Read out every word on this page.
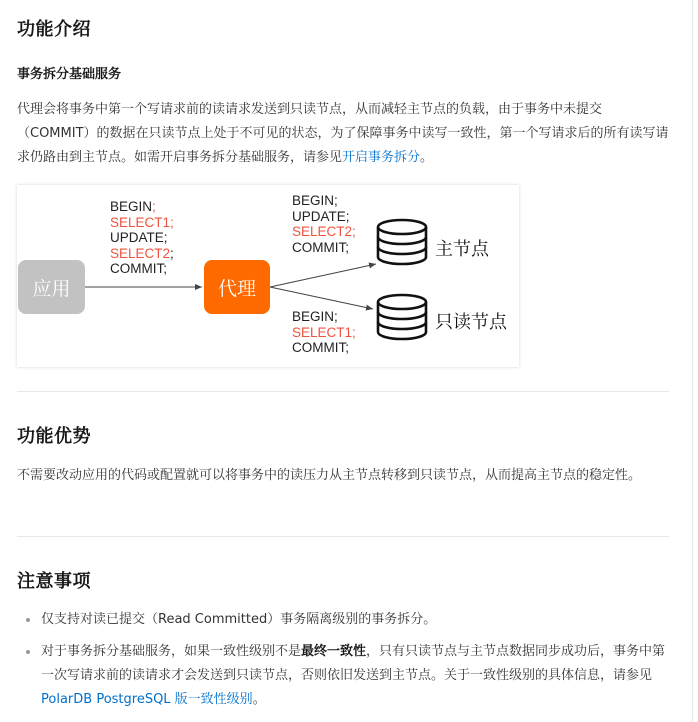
功能介绍
事务拆分基础服务

代理会将事务中第一个写请求前的读请求发送到只读节点，从而减轻主节点的负载，由于事务中未提交（COMMIT）的数据在只读节点上处于不可见的状态，为了保障事务中读写一致性，第一个写请求后的所有读写请求仍路由到主节点。如需开启事务拆分基础服务，请参见开启事务拆分。

应用	代理
BEGIN;
SELECT1;
UPDATE;
SELECT2;
COMMIT;
BEGIN;
UPDATE;
SELECT2;
COMMIT;
BEGIN;
SELECT1;
COMMIT;
主节点
只读节点
功能优势

不需要改动应用的代码或配置就可以将事务中的读压力从主节点转移到只读节点，从而提高主节点的稳定性。

注意事项
仅支持对读已提交（Read Committed）事务隔离级别的事务拆分。
对于事务拆分基础服务，如果一致性级别不是最终一致性，只有只读节点与主节点数据同步成功后，事务中第一次写请求前的读请求才会发送到只读节点，否则依旧发送到主节点。关于一致性级别的具体信息，请参见PolarDB PostgreSQL 版一致性级别。
